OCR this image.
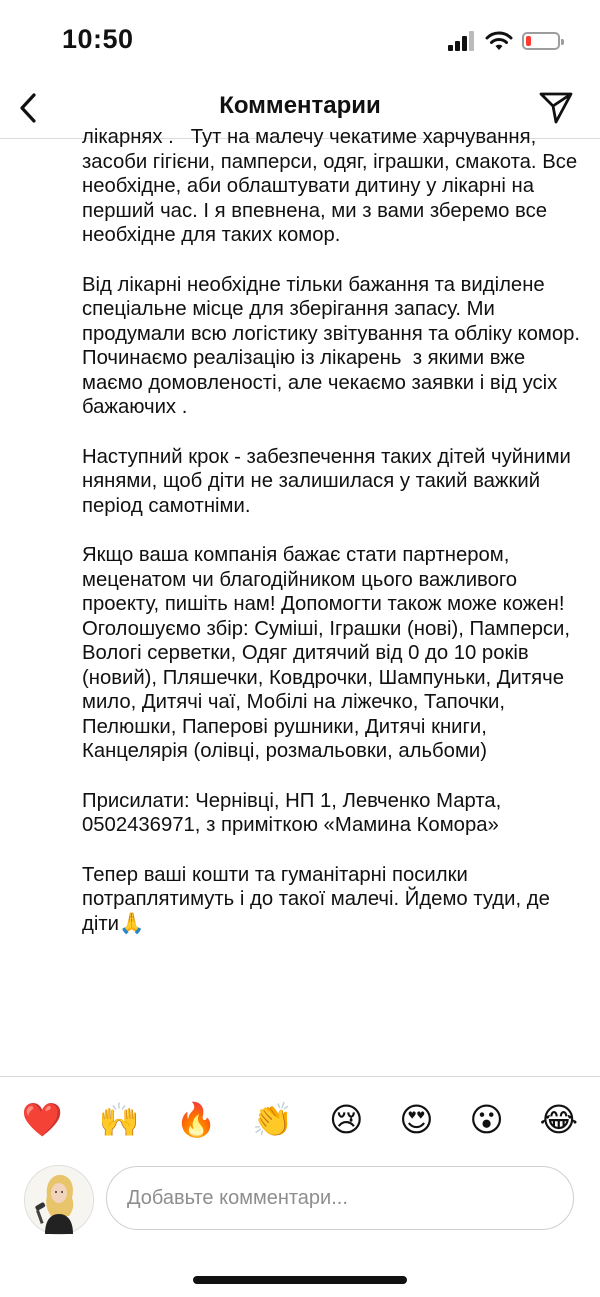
10:50
Комментарии

лікарнях .   Тут на малечу чекатиме харчування, засоби гігієни, памперси, одяг, іграшки, смакота. Все необхідне, аби облаштувати дитину у лікарні на перший час. І я впевнена, ми з вами зберемо все необхідне для таких комор.

Від лікарні необхідне тільки бажання та виділене спеціальне місце для зберігання запасу. Ми продумали всю логістику звітування та обліку комор. Починаємо реалізацію із лікарень  з якими вже маємо домовленості, але чекаємо заявки і від усіх бажаючих .

Наступний крок - забезпечення таких дітей чуйними нянями, щоб діти не залишилася у такий важкий період самотніми.

Якщо ваша компанія бажає стати партнером, меценатом чи благодійником цього важливого проекту, пишіть нам! Допомогти також може кожен! Оголошуємо збір: Суміші, Іграшки (нові), Памперси, Вологі серветки, Одяг дитячий від 0 до 10 років (новий), Пляшечки, Ковдрочки, Шампуньки, Дитяче мило, Дитячі чаї, Мобілі на ліжечко, Тапочки, Пелюшки, Паперові рушники, Дитячі книги, Канцелярія (олівці, розмальовки, альбоми)

Присилати: Чернівці, НП 1, Левченко Марта, 0502436971, з приміткою «Мамина Комора»

Тепер ваші кошти та гуманітарні посилки потраплятимуть і до такої малечі. Йдемо туди, де діти🙏

❤️ 🙌 🔥 👏 😢 😍 😮 😂
Добавьте комментари...
